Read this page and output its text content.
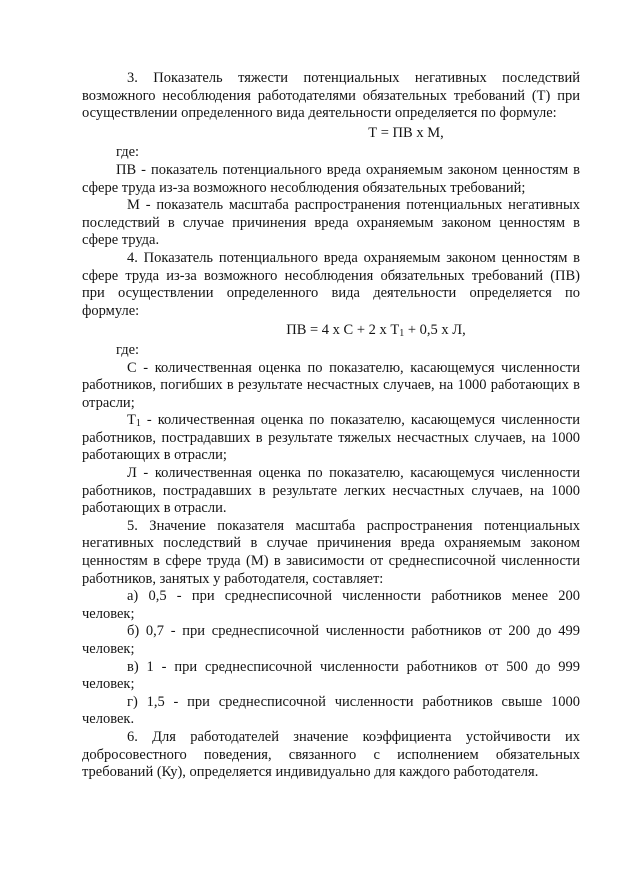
3. Показатель тяжести потенциальных негативных последствий возможного несоблюдения работодателями обязательных требований (Т) при осуществлении определенного вида деятельности определяется по формуле:

Т = ПВ х М,

где:

ПВ - показатель потенциального вреда охраняемым законом ценностям в сфере труда из-за возможного несоблюдения обязательных требований;

М - показатель масштаба распространения потенциальных негативных последствий в случае причинения вреда охраняемым законом ценностям в сфере труда.

4. Показатель потенциального вреда охраняемым законом ценностям в сфере труда из-за возможного несоблюдения обязательных требований (ПВ) при осуществлении определенного вида деятельности определяется по формуле:

ПВ = 4 х С + 2 х $Т_1 + 0,5$ х Л,

где:

С - количественная оценка по показателю, касающемуся численности работников, погибших в результате несчастных случаев, на 1000 работающих в отрасли;

$Т_1$ - количественная оценка по показателю, касающемуся численности работников, пострадавших в результате тяжелых несчастных случаев, на 1000 работающих в отрасли;

Л - количественная оценка по показателю, касающемуся численности работников, пострадавших в результате легких несчастных случаев, на 1000 работающих в отрасли.

5. Значение показателя масштаба распространения потенциальных негативных последствий в случае причинения вреда охраняемым законом ценностям в сфере труда (М) в зависимости от среднесписочной численности работников, занятых у работодателя, составляет:

а) 0,5 - при среднесписочной численности работников менее 200 человек;

б) 0,7 - при среднесписочной численности работников от 200 до 499 человек;

в) 1 - при среднесписочной численности работников от 500 до 999 человек;

г) 1,5 - при среднесписочной численности работников свыше 1000 человек.

6. Для работодателей значение коэффициента устойчивости их добросовестного поведения, связанного с исполнением обязательных требований (Ку), определяется индивидуально для каждого работодателя.
